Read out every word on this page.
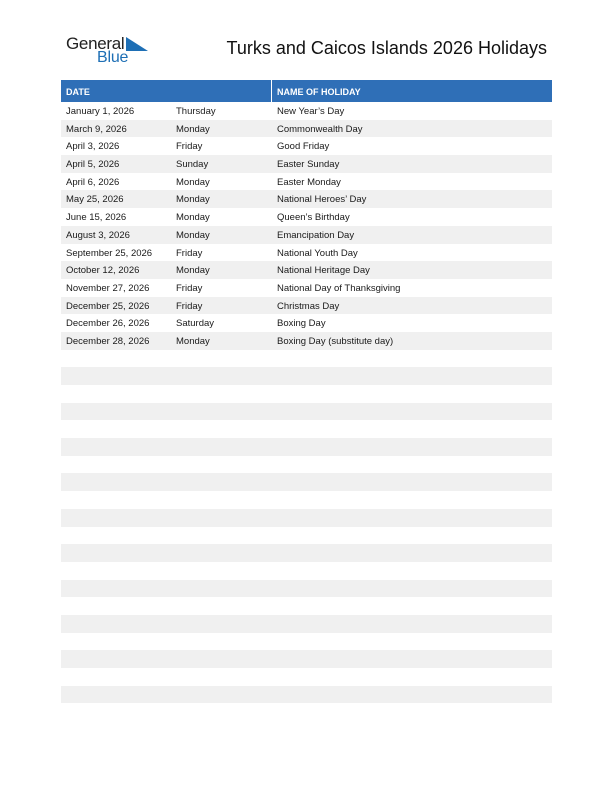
General
Blue	Turks and Caicos Islands 2026 Holidays
DATE	NAME OF HOLIDAY
January 1, 2026	Thursday	New Year’s Day
March 9, 2026	Monday	Commonwealth Day
April 3, 2026	Friday	Good Friday
April 5, 2026	Sunday	Easter Sunday
April 6, 2026	Monday	Easter Monday
May 25, 2026	Monday	National Heroes’ Day
June 15, 2026	Monday	Queen’s Birthday
August 3, 2026	Monday	Emancipation Day
September 25, 2026	Friday	National Youth Day
October 12, 2026	Monday	National Heritage Day
November 27, 2026	Friday	National Day of Thanksgiving
December 25, 2026	Friday	Christmas Day
December 26, 2026	Saturday	Boxing Day
December 28, 2026	Monday	Boxing Day (substitute day)
